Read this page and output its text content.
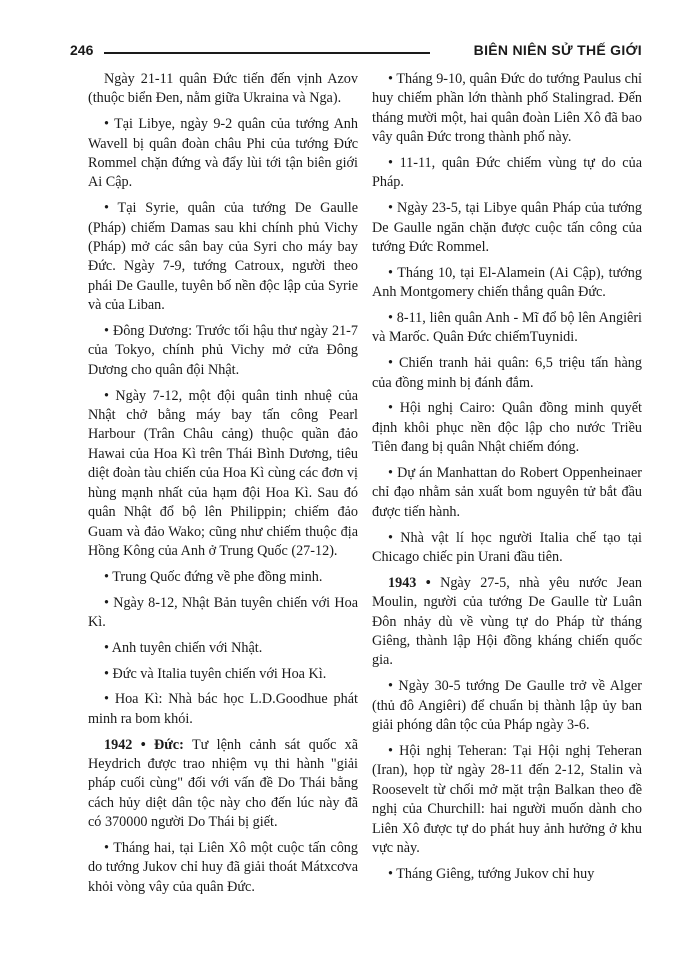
246	BIÊN NIÊN SỬ THẾ GIỚI

Ngày 21-11 quân Đức tiến đến vịnh Azov (thuộc biển Đen, nằm giữa Ukraina và Nga).

• Tại Libye, ngày 9-2 quân của tướng Anh Wavell bị quân đoàn châu Phi của tướng Đức Rommel chặn đứng và đẩy lùi tới tận biên giới Ai Cập.

• Tại Syrie, quân của tướng De Gaulle (Pháp) chiếm Damas sau khi chính phủ Vichy (Pháp) mở các sân bay của Syri cho máy bay Đức. Ngày 7-9, tướng Catroux, người theo phái De Gaulle, tuyên bố nền độc lập của Syrie và của Liban.

• Đông Dương: Trước tối hậu thư ngày 21-7 của Tokyo, chính phủ Vichy mở cửa Đông Dương cho quân đội Nhật.

• Ngày 7-12, một đội quân tinh nhuệ của Nhật chở bằng máy bay tấn công Pearl Harbour (Trân Châu cảng) thuộc quần đảo Hawai của Hoa Kì trên Thái Bình Dương, tiêu diệt đoàn tàu chiến của Hoa Kì cùng các đơn vị hùng mạnh nhất của hạm đội Hoa Kì. Sau đó quân Nhật đổ bộ lên Philippin; chiếm đảo Guam và đảo Wako; cũng như chiếm thuộc địa Hồng Kông của Anh ở Trung Quốc (27-12).

• Trung Quốc đứng về phe đồng minh.

• Ngày 8-12, Nhật Bản tuyên chiến với Hoa Kì.

• Anh tuyên chiến với Nhật.

• Đức và Italia tuyên chiến với Hoa Kì.

• Hoa Kì: Nhà bác học L.D.Goodhue phát minh ra bom khói.

1942 • Đức: Tư lệnh cảnh sát quốc xã Heydrich được trao nhiệm vụ thi hành "giải pháp cuối cùng" đối với vấn đề Do Thái bằng cách hủy diệt dân tộc này cho đến lúc này đã có 370000 người Do Thái bị giết.

• Tháng hai, tại Liên Xô một cuộc tấn công do tướng Jukov chỉ huy đã giải thoát Mátxcơva khỏi vòng vây của quân Đức.

• Tháng 9-10, quân Đức do tướng Paulus chỉ huy chiếm phần lớn thành phố Stalingrad. Đến tháng mười một, hai quân đoàn Liên Xô đã bao vây quân Đức trong thành phố này.

• 11-11, quân Đức chiếm vùng tự do của Pháp.

• Ngày 23-5, tại Libye quân Pháp của tướng De Gaulle ngăn chặn được cuộc tấn công của tướng Đức Rommel.

• Tháng 10, tại El-Alamein (Ai Cập), tướng Anh Montgomery chiến thắng quân Đức.

• 8-11, liên quân Anh - Mĩ đổ bộ lên Angiêri và Marốc. Quân Đức chiếmTuynidi.

• Chiến tranh hải quân: 6,5 triệu tấn hàng của đồng minh bị đánh đắm.

• Hội nghị Cairo: Quân đồng minh quyết định khôi phục nền độc lập cho nước Triều Tiên đang bị quân Nhật chiếm đóng.

• Dự án Manhattan do Robert Oppenheinaer chỉ đạo nhằm sản xuất bom nguyên tử bắt đầu được tiến hành.

• Nhà vật lí học người Italia chế tạo tại Chicago chiếc pin Urani đầu tiên.

1943 • Ngày 27-5, nhà yêu nước Jean Moulin, người của tướng De Gaulle từ Luân Đôn nhảy dù về vùng tự do Pháp từ tháng Giêng, thành lập Hội đồng kháng chiến quốc gia.

• Ngày 30-5 tướng De Gaulle trở về Alger (thủ đô Angiêri) để chuẩn bị thành lập ủy ban giải phóng dân tộc của Pháp ngày 3-6.

• Hội nghị Teheran: Tại Hội nghị Teheran (Iran), họp từ ngày 28-11 đến 2-12, Stalin và Roosevelt từ chối mở mặt trận Balkan theo đề nghị của Churchill: hai người muốn dành cho Liên Xô được tự do phát huy ảnh hưởng ở khu vực này.

• Tháng Giêng, tướng Jukov chỉ huy
